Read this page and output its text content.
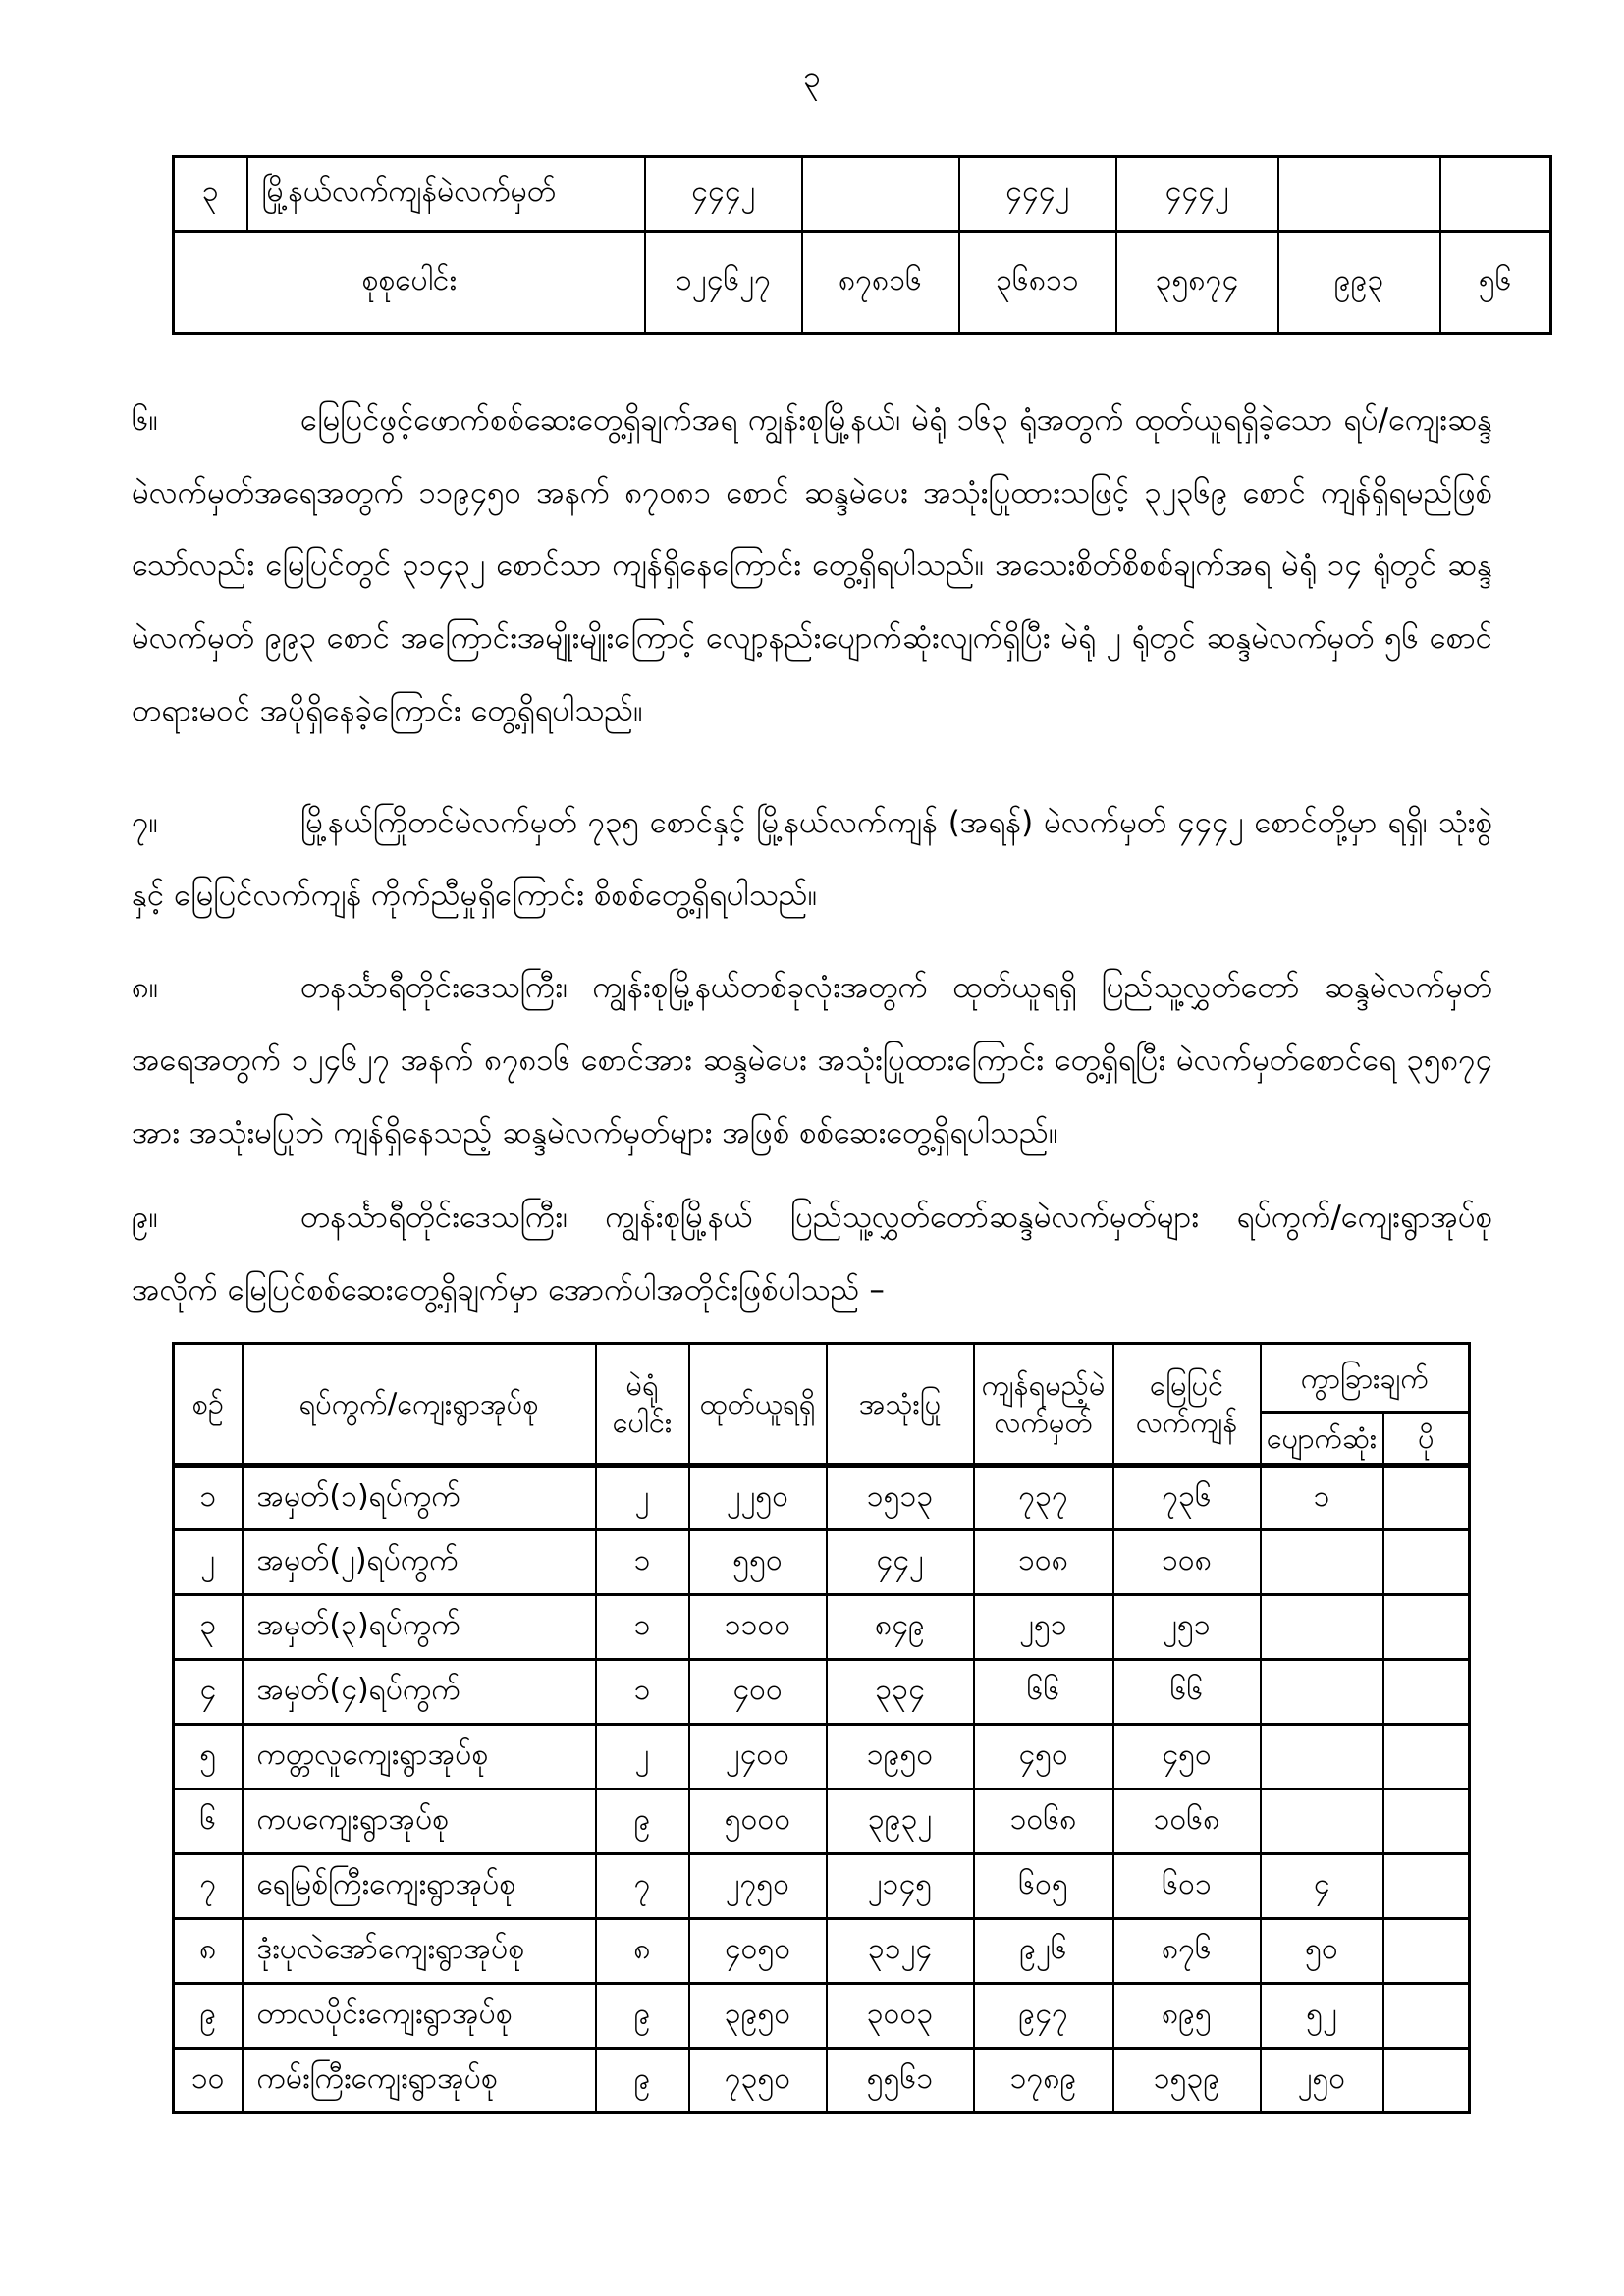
၃
၃	မြို့နယ်လက်ကျန်မဲလက်မှတ်	၄၄၄၂		၄၄၄၂	၄၄၄၂		
စုစုပေါင်း		၁၂၄၆၂၇	၈၇၈၁၆	၃၆၈၁၁	၃၅၈၇၄	၉၉၃	၅၆

၆။	မြေပြင်ဖွင့်ဖောက်စစ်ဆေးတွေ့ရှိချက်အရ ကျွန်းစုမြို့နယ်၊ မဲရုံ ၁၆၃ ရုံအတွက် ထုတ်ယူရရှိခဲ့သော ရပ်/ကျေးဆန္ဒမဲလက်မှတ်အရေအတွက် ၁၁၉၄၅၀ အနက် ၈၇၀၈၁ စောင် ဆန္ဒမဲပေး အသုံးပြုထားသဖြင့် ၃၂၃၆၉ စောင် ကျန်ရှိရမည်ဖြစ်သော်လည်း မြေပြင်တွင် ၃၁၄၃၂ စောင်သာ ကျန်ရှိနေကြောင်း တွေ့ရှိရပါသည်။ အသေးစိတ်စိစစ်ချက်အရ မဲရုံ ၁၄ ရုံတွင် ဆန္ဒမဲလက်မှတ် ၉၉၃ စောင် အကြောင်းအမျိုးမျိုးကြောင့် လျော့နည်းပျောက်ဆုံးလျက်ရှိပြီး မဲရုံ ၂ ရုံတွင် ဆန္ဒမဲလက်မှတ် ၅၆ စောင် တရားမဝင် အပိုရှိနေခဲ့ကြောင်း တွေ့ရှိရပါသည်။

၇။	မြို့နယ်ကြိုတင်မဲလက်မှတ် ၇၃၅ စောင်နှင့် မြို့နယ်လက်ကျန် (အရန်) မဲလက်မှတ် ၄၄၄၂ စောင်တို့မှာ ရရှိ၊ သုံးစွဲနှင့် မြေပြင်လက်ကျန် ကိုက်ညီမှုရှိကြောင်း စိစစ်တွေ့ရှိရပါသည်။

၈။	တနင်္သာရီတိုင်းဒေသကြီး၊ ကျွန်းစုမြို့နယ်တစ်ခုလုံးအတွက် ထုတ်ယူရရှိ ပြည်သူ့လွှတ်တော် ဆန္ဒမဲလက်မှတ်အရေအတွက် ၁၂၄၆၂၇ အနက် ၈၇၈၁၆ စောင်အား ဆန္ဒမဲပေး အသုံးပြုထားကြောင်း တွေ့ရှိရပြီး မဲလက်မှတ်စောင်ရေ ၃၅၈၇၄ အား အသုံးမပြုဘဲ ကျန်ရှိနေသည့် ဆန္ဒမဲလက်မှတ်များ အဖြစ် စစ်ဆေးတွေ့ရှိရပါသည်။

၉။	တနင်္သာရီတိုင်းဒေသကြီး၊ ကျွန်းစုမြို့နယ် ပြည်သူ့လွှတ်တော်ဆန္ဒမဲလက်မှတ်များ ရပ်ကွက်/ကျေးရွာအုပ်စုအလိုက် မြေပြင်စစ်ဆေးတွေ့ရှိချက်မှာ အောက်ပါအတိုင်းဖြစ်ပါသည် –

စဉ်	ရပ်ကွက်/ကျေးရွာအုပ်စု	မဲရုံပေါင်း	ထုတ်ယူရရှိ	အသုံးပြု	ကျန်ရမည့်မဲလက်မှတ်	မြေပြင်လက်ကျန်	ကွာခြားချက်	
							ပျောက်ဆုံး	ပို
၁	အမှတ်(၁)ရပ်ကွက်	၂	၂၂၅၀	၁၅၁၃	၇၃၇	၇၃၆	၁	
၂	အမှတ်(၂)ရပ်ကွက်	၁	၅၅၀	၄၄၂	၁၀၈	၁၀၈		
၃	အမှတ်(၃)ရပ်ကွက်	၁	၁၁၀၀	၈၄၉	၂၅၁	၂၅၁		
၄	အမှတ်(၄)ရပ်ကွက်	၁	၄၀၀	၃၃၄	၆၆	၆၆		
၅	ကတ္တလူကျေးရွာအုပ်စု	၂	၂၄၀၀	၁၉၅၀	၄၅၀	၄၅၀		
၆	ကပကျေးရွာအုပ်စု	၉	၅၀၀၀	၃၉၃၂	၁၀၆၈	၁၀၆၈		
၇	ရေမြစ်ကြီးကျေးရွာအုပ်စု	၇	၂၇၅၀	၂၁၄၅	၆၀၅	၆၀၁	၄	
၈	ဒုံးပုလဲအော်ကျေးရွာအုပ်စု	၈	၄၀၅၀	၃၁၂၄	၉၂၆	၈၇၆	၅၀	
၉	တာလပိုင်းကျေးရွာအုပ်စု	၉	၃၉၅၀	၃၀၀၃	၉၄၇	၈၉၅	၅၂	
၁၀	ကမ်းကြီးကျေးရွာအုပ်စု	၉	၇၃၅၀	၅၅၆၁	၁၇၈၉	၁၅၃၉	၂၅၀	
